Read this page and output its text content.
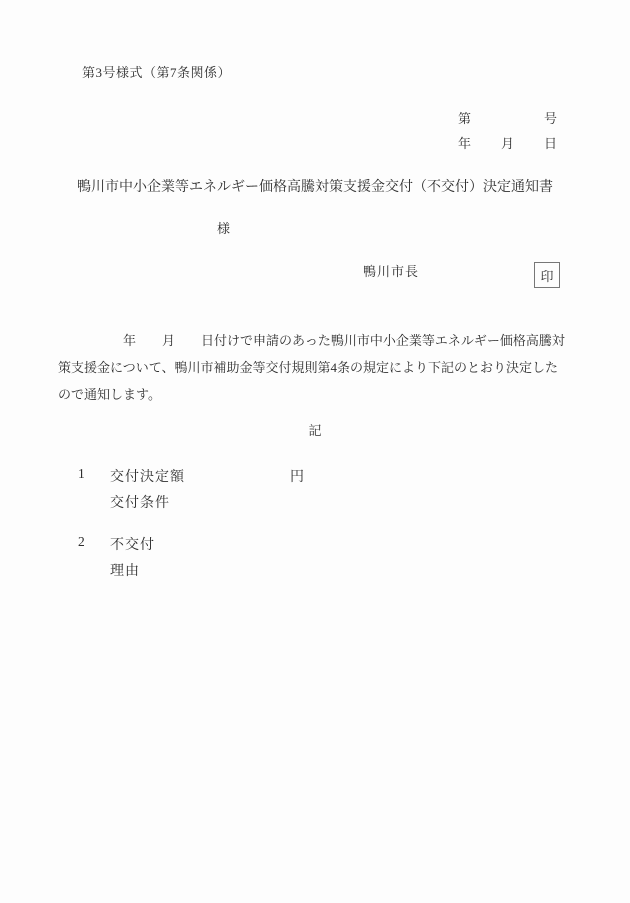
第3号様式（第7条関係）
第	号
年 月 日
鴨川市中小企業等エネルギー価格高騰対策支援金交付（不交付）決定通知書
様
鴨川市長	印
　　　　　年　　月　　日付けで申請のあった鴨川市中小企業等エネルギー価格高騰対
策支援金について、鴨川市補助金等交付規則第4条の規定により下記のとおり決定した
ので通知します。
記
1 交付決定額	円
交付条件
2 不交付
理由
